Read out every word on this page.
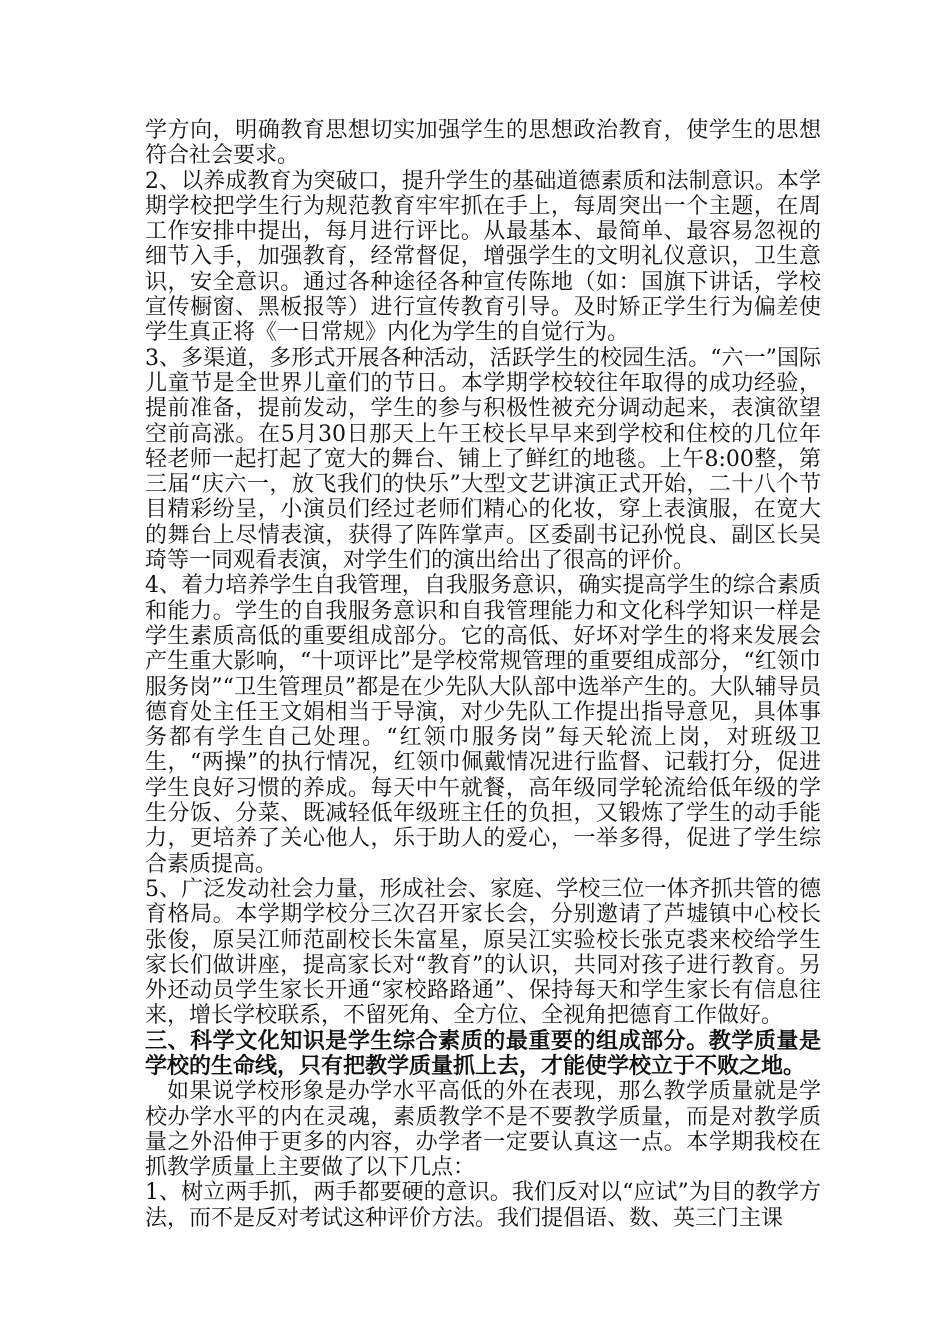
学方向，明确教育思想切实加强学生的思想政治教育，使学生的思想符合社会要求。

2、以养成教育为突破口，提升学生的基础道德素质和法制意识。本学期学校把学生行为规范教育牢牢抓在手上，每周突出一个主题，在周工作安排中提出，每月进行评比。从最基本、最简单、最容易忽视的细节入手，加强教育，经常督促，增强学生的文明礼仪意识，卫生意识，安全意识。通过各种途径各种宣传陈地（如：国旗下讲话，学校宣传橱窗、黑板报等）进行宣传教育引导。及时矫正学生行为偏差使学生真正将《一日常规》内化为学生的自觉行为。

3、多渠道，多形式开展各种活动，活跃学生的校园生活。“六一”国际儿童节是全世界儿童们的节日。本学期学校较往年取得的成功经验，提前准备，提前发动，学生的参与积极性被充分调动起来，表演欲望空前高涨。在5月30日那天上午王校长早早来到学校和住校的几位年轻老师一起打起了宽大的舞台、铺上了鲜红的地毯。上午8:00整，第三届“庆六一，放飞我们的快乐”大型文艺讲演正式开始，二十八个节目精彩纷呈，小演员们经过老师们精心的化妆，穿上表演服，在宽大的舞台上尽情表演，获得了阵阵掌声。区委副书记孙悦良、副区长吴琦等一同观看表演，对学生们的演出给出了很高的评价。

4、着力培养学生自我管理，自我服务意识，确实提高学生的综合素质和能力。学生的自我服务意识和自我管理能力和文化科学知识一样是学生素质高低的重要组成部分。它的高低、好坏对学生的将来发展会产生重大影响，“十项评比”是学校常规管理的重要组成部分，“红领巾服务岗”“卫生管理员”都是在少先队大队部中选举产生的。大队辅导员德育处主任王文娟相当于导演，对少先队工作提出指导意见，具体事务都有学生自己处理。“红领巾服务岗”每天轮流上岗，对班级卫生，“两操”的执行情况，红领巾佩戴情况进行监督、记载打分，促进学生良好习惯的养成。每天中午就餐，高年级同学轮流给低年级的学生分饭、分菜、既减轻低年级班主任的负担，又锻炼了学生的动手能力，更培养了关心他人，乐于助人的爱心，一举多得，促进了学生综合素质提高。

5、广泛发动社会力量，形成社会、家庭、学校三位一体齐抓共管的德育格局。本学期学校分三次召开家长会，分别邀请了芦墟镇中心校长张俊，原吴江师范副校长朱富星，原吴江实验校长张克裘来校给学生家长们做讲座，提高家长对“教育”的认识，共同对孩子进行教育。另外还动员学生家长开通“家校路路通”、保持每天和学生家长有信息往来，增长学校联系，不留死角、全方位、全视角把德育工作做好。

三、科学文化知识是学生综合素质的最重要的组成部分。教学质量是学校的生命线，只有把教学质量抓上去，才能使学校立于不败之地。

如果说学校形象是办学水平高低的外在表现，那么教学质量就是学校办学水平的内在灵魂，素质教学不是不要教学质量，而是对教学质量之外沿伸于更多的内容，办学者一定要认真这一点。本学期我校在抓教学质量上主要做了以下几点：

1、树立两手抓，两手都要硬的意识。我们反对以“应试”为目的教学方法，而不是反对考试这种评价方法。我们提倡语、数、英三门主课
